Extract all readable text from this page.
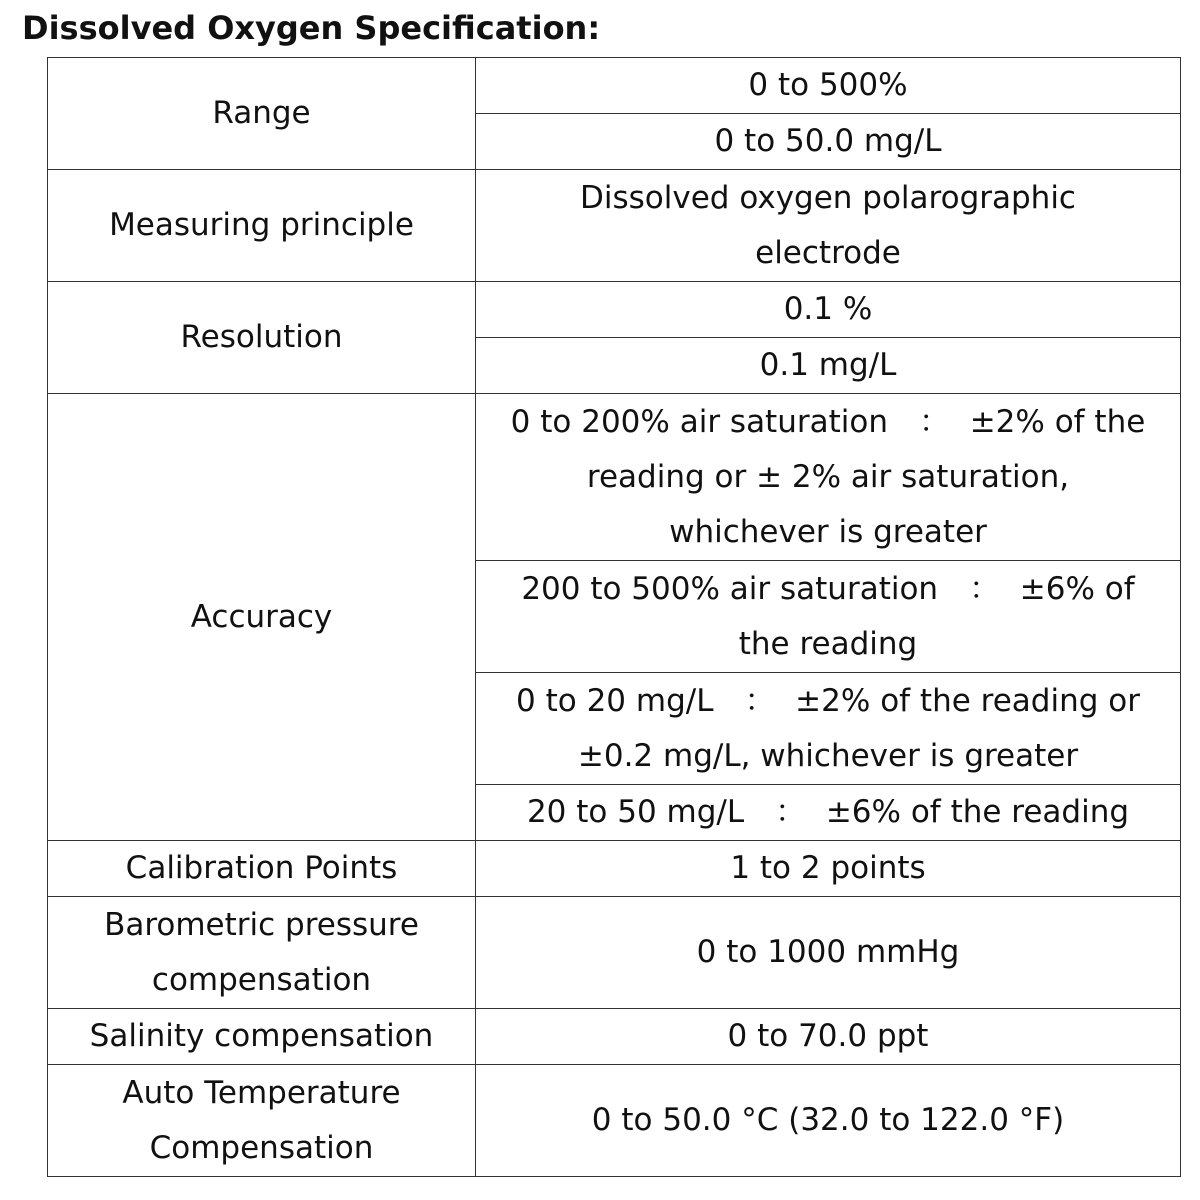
Dissolved Oxygen Specification:
Range	0 to 500%
	0 to 50.0 mg/L
Measuring principle	Dissolved oxygen polarographic
electrode
Resolution	0.1 %
	0.1 mg/L
Accuracy	0 to 200% air saturation　：  ±2% of the
reading or ± 2% air saturation,
whichever is greater
	200 to 500% air saturation　：  ±6% of
the reading
	0 to 20 mg/L　：  ±2% of the reading or
±0.2 mg/L, whichever is greater
	20 to 50 mg/L　：  ±6% of the reading
Calibration Points	1 to 2 points
Barometric pressure
compensation	0 to 1000 mmHg
Salinity compensation	0 to 70.0 ppt
Auto Temperature
Compensation	0 to 50.0 °C (32.0 to 122.0 °F)
